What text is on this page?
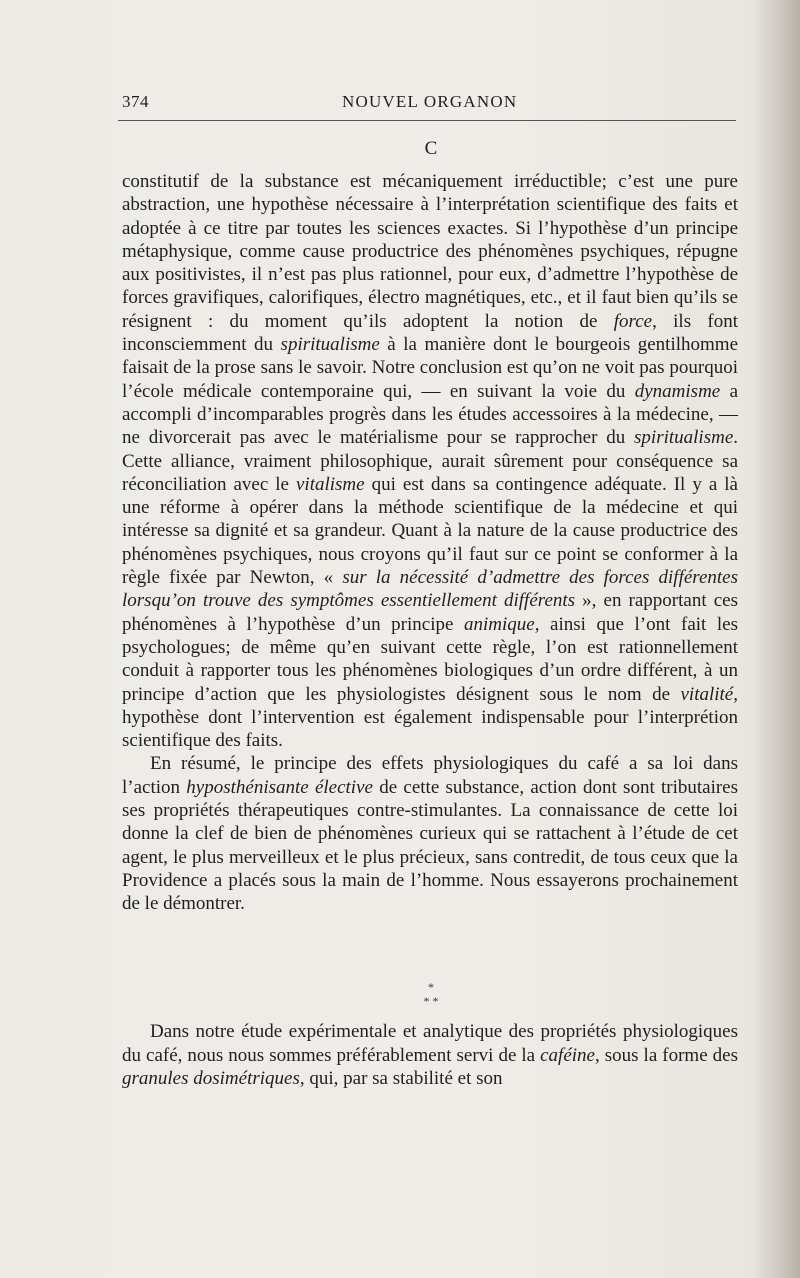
374	NOUVEL ORGANON
C

constitutif de la substance est mécaniquement irréductible; c’est une pure abstraction, une hypothèse nécessaire à l’interprétation scientifique des faits et adoptée à ce titre par toutes les sciences exactes. Si l’hypothèse d’un principe métaphysique, comme cause productrice des phénomènes psychiques, répugne aux positivistes, il n’est pas plus rationnel, pour eux, d’admettre l’hypothèse de forces gravifiques, calorifiques, électro magnétiques, etc., et il faut bien qu’ils se résignent : du moment qu’ils adoptent la notion de force, ils font inconsciemment du spiritualisme à la manière dont le bourgeois gentilhomme faisait de la prose sans le savoir. Notre conclusion est qu’on ne voit pas pourquoi l’école médicale contemporaine qui, — en suivant la voie du dynamisme a accompli d’incomparables progrès dans les études accessoires à la médecine, — ne divorcerait pas avec le matérialisme pour se rapprocher du spiritualisme. Cette alliance, vraiment philosophique, aurait sûrement pour conséquence sa réconciliation avec le vitalisme qui est dans sa contingence adéquate. Il y a là une réforme à opérer dans la méthode scientifique de la médecine et qui intéresse sa dignité et sa grandeur. Quant à la nature de la cause productrice des phénomènes psychiques, nous croyons qu’il faut sur ce point se conformer à la règle fixée par Newton, « sur la nécessité d’admettre des forces différentes lorsqu’on trouve des symptômes essentiellement différents », en rapportant ces phénomènes à l’hypothèse d’un principe animique, ainsi que l’ont fait les psychologues; de même qu’en suivant cette règle, l’on est rationnellement conduit à rapporter tous les phénomènes biologiques d’un ordre différent, à un principe d’action que les physiologistes désignent sous le nom de vitalité, hypothèse dont l’intervention est également indispensable pour l’interprétion scientifique des faits.

En résumé, le principe des effets physiologiques du café a sa loi dans l’action hyposthénisante élective de cette substance, action dont sont tributaires ses propriétés thérapeutiques contre-stimulantes. La connaissance de cette loi donne la clef de bien de phénomènes curieux qui se rattachent à l’étude de cet agent, le plus merveilleux et le plus précieux, sans contredit, de tous ceux que la Providence a placés sous la main de l’homme. Nous essayerons prochainement de le démontrer.

*
* *

Dans notre étude expérimentale et analytique des propriétés physiologiques du café, nous nous sommes préférablement servi de la caféine, sous la forme des granules dosimétriques, qui, par sa stabilité et son
